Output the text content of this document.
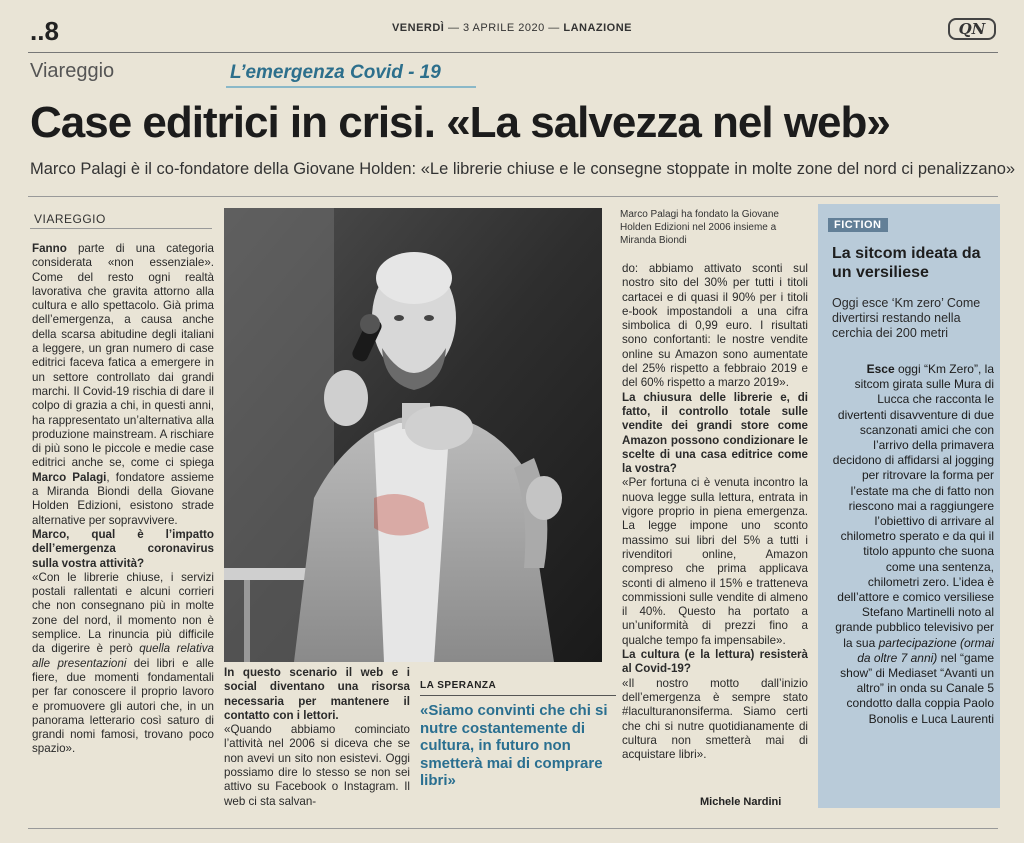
..8	VENERDÌ — 3 APRILE 2020 — LANAZIONE	QN
Viareggio	L’emergenza Covid - 19
Case editrici in crisi. «La salvezza nel web»
Marco Palagi è il co-fondatore della Giovane Holden: «Le librerie chiuse e le consegne stoppate in molte zone del nord ci penalizzano»
VIAREGGIO

Fanno parte di una categoria considerata «non essenziale». Come del resto ogni realtà lavorativa che gravita attorno alla cultura e allo spettacolo. Già prima dell’emergenza, a causa anche della scarsa abitudine degli italiani a leggere, un gran numero di case editrici faceva fatica a emergere in un settore controllato dai grandi marchi. Il Covid-19 rischia di dare il colpo di grazia a chi, in questi anni, ha rappresentato un’alternativa alla produzione mainstream. A rischiare di più sono le piccole e medie case editrici anche se, come ci spiega Marco Palagi, fondatore assieme a Miranda Biondi della Giovane Holden Edizioni, esistono strade alternative per sopravvivere.

Marco, qual è l’impatto dell’emergenza coronavirus sulla vostra attività?

«Con le librerie chiuse, i servizi postali rallentati e alcuni corrieri che non consegnano più in molte zone del nord, il momento non è semplice. La rinuncia più difficile da digerire è però quella relativa alle presentazioni dei libri e alle fiere, due momenti fondamentali per far conoscere il proprio lavoro e promuovere gli autori che, in un panorama letterario così saturo di grandi nomi famosi, trovano poco spazio».

Marco Palagi ha fondato la Giovane Holden Edizioni nel 2006 insieme a Miranda Biondi

In questo scenario il web e i social diventano una risorsa necessaria per mantenere il contatto con i lettori.

«Quando abbiamo cominciato l’attività nel 2006 si diceva che se non avevi un sito non esistevi. Oggi possiamo dire lo stesso se non sei attivo su Facebook o Instagram. Il web ci sta salvan-

LA SPERANZA
«Siamo convinti che chi si nutre costantemente di cultura, in futuro non smetterà mai di comprare libri»

do: abbiamo attivato sconti sul nostro sito del 30% per tutti i titoli cartacei e di quasi il 90% per i titoli e-book impostandoli a una cifra simbolica di 0,99 euro. I risultati sono confortanti: le nostre vendite online su Amazon sono aumentate del 25% rispetto a febbraio 2019 e del 60% rispetto a marzo 2019».

La chiusura delle librerie e, di fatto, il controllo totale sulle vendite dei grandi store come Amazon possono condizionare le scelte di una casa editrice come la vostra?

«Per fortuna ci è venuta incontro la nuova legge sulla lettura, entrata in vigore proprio in piena emergenza. La legge impone uno sconto massimo sui libri del 5% a tutti i rivenditori online, Amazon compreso che prima applicava sconti di almeno il 15% e tratteneva commissioni sulle vendite di almeno il 40%. Questo ha portato a un’uniformità di prezzi fino a qualche tempo fa impensabile».

La cultura (e la lettura) resisterà al Covid-19?

«Il nostro motto dall’inizio dell’emergenza è sempre stato #laculturanonsiferma. Siamo certi che chi si nutre quotidianamente di cultura non smetterà mai di acquistare libri».

Michele Nardini
FICTION
La sitcom ideata da un versiliese
Oggi esce ‘Km zero’ Come divertirsi restando nella cerchia dei 200 metri
Esce oggi “Km Zero”, la sitcom girata sulle Mura di Lucca che racconta le divertenti disavventure di due scanzonati amici che con l’arrivo della primavera decidono di affidarsi al jogging per ritrovare la forma per l’estate ma che di fatto non riescono mai a raggiungere l’obiettivo di arrivare al chilometro sperato e da qui il titolo appunto che suona come una sentenza, chilometri zero. L’idea è dell’attore e comico versiliese Stefano Martinelli noto al grande pubblico televisivo per la sua partecipazione (ormai da oltre 7 anni) nel “game show” di Mediaset “Avanti un altro” in onda su Canale 5 condotto dalla coppia Paolo Bonolis e Luca Laurenti
